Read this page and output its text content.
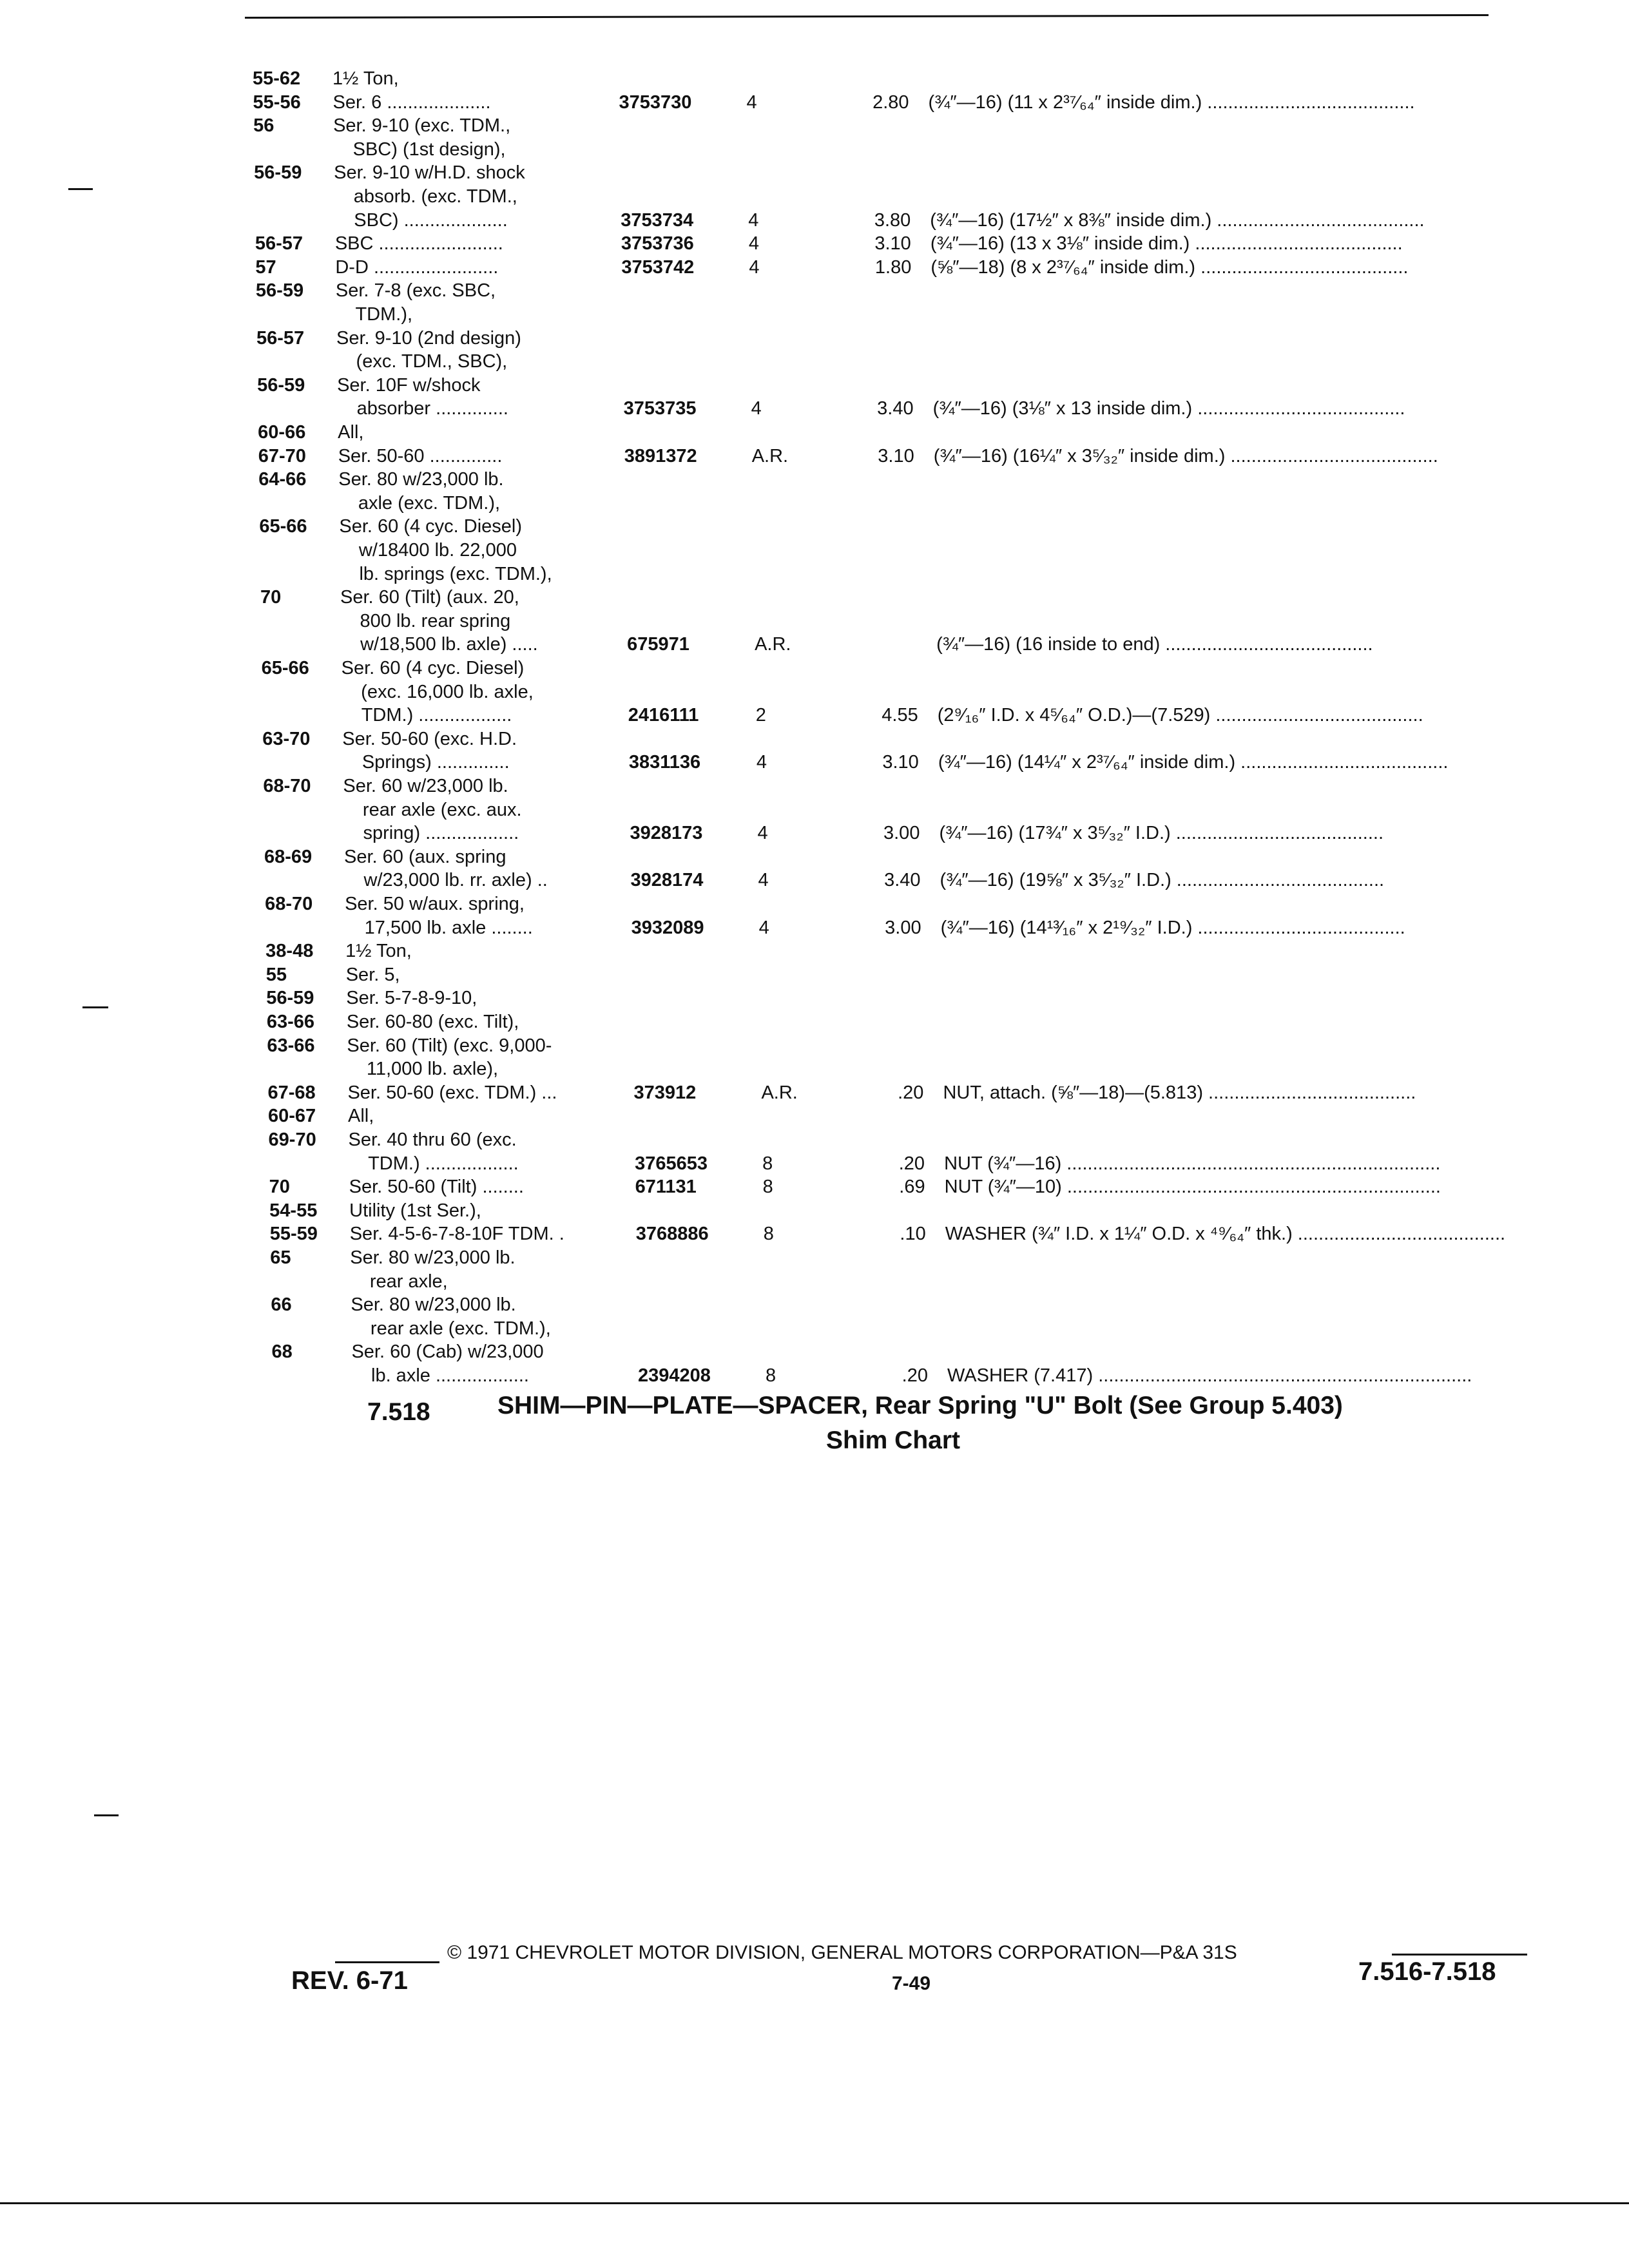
55-62	1½ Ton,
55-56	Ser. 6 ....................	3753730	4	2.80 (¾″—16) (11 x 2³⁷⁄₆₄″ inside dim.) ........................................
56	Ser. 9-10 (exc. TDM.,
SBC) (1st design),
56-59	Ser. 9-10 w/H.D. shock
absorb. (exc. TDM.,
SBC) ....................	3753734	4	3.80 (¾″—16) (17½″ x 8⅜″ inside dim.) ........................................
56-57	SBC ........................	3753736	4	3.10 (¾″—16) (13 x 3⅛″ inside dim.) ........................................
57	D-D ........................	3753742	4	1.80 (⅝″—18) (8 x 2³⁷⁄₆₄″ inside dim.) ........................................
56-59	Ser. 7-8 (exc. SBC,
TDM.),
56-57	Ser. 9-10 (2nd design)
(exc. TDM., SBC),
56-59	Ser. 10F w/shock
absorber ..............	3753735	4	3.40 (¾″—16) (3⅛″ x 13 inside dim.) ........................................
60-66	All,
67-70	Ser. 50-60 ..............	3891372	A.R.	3.10 (¾″—16) (16¼″ x 3⁵⁄₃₂″ inside dim.) ........................................
64-66	Ser. 80 w/23,000 lb.
axle (exc. TDM.),
65-66	Ser. 60 (4 cyc. Diesel)
w/18400 lb. 22,000
lb. springs (exc. TDM.),
70	Ser. 60 (Tilt) (aux. 20,
800 lb. rear spring
w/18,500 lb. axle) .....	675971	A.R.	(¾″—16) (16 inside to end) ........................................
65-66	Ser. 60 (4 cyc. Diesel)
(exc. 16,000 lb. axle,
TDM.) ..................	2416111	2	4.55 (2⁹⁄₁₆″ I.D. x 4⁵⁄₆₄″ O.D.)—(7.529) ........................................
63-70	Ser. 50-60 (exc. H.D.
Springs) ..............	3831136	4	3.10 (¾″—16) (14¼″ x 2³⁷⁄₆₄″ inside dim.) ........................................
68-70	Ser. 60 w/23,000 lb.
rear axle (exc. aux.
spring) ..................	3928173	4	3.00 (¾″—16) (17¾″ x 3⁵⁄₃₂″ I.D.) ........................................
68-69	Ser. 60 (aux. spring
w/23,000 lb. rr. axle) ..	3928174	4	3.40 (¾″—16) (19⅝″ x 3⁵⁄₃₂″ I.D.) ........................................
68-70	Ser. 50 w/aux. spring,
17,500 lb. axle ........	3932089	4	3.00 (¾″—16) (14¹³⁄₁₆″ x 2¹⁹⁄₃₂″ I.D.) ........................................
38-48	1½ Ton,
55	Ser. 5,
56-59	Ser. 5-7-8-9-10,
63-66	Ser. 60-80 (exc. Tilt),
63-66	Ser. 60 (Tilt) (exc. 9,000-
11,000 lb. axle),
67-68	Ser. 50-60 (exc. TDM.) ...	373912	A.R.	.20 NUT, attach. (⅝″—18)—(5.813) ........................................
60-67	All,
69-70	Ser. 40 thru 60 (exc.
TDM.) ..................	3765653	8	.20 NUT (¾″—16) ........................................................................
70	Ser. 50-60 (Tilt) ........	671131	8	.69 NUT (¾″—10) ........................................................................
54-55	Utility (1st Ser.),
55-59	Ser. 4-5-6-7-8-10F TDM. .	3768886	8	.10 WASHER (¾″ I.D. x 1¼″ O.D. x ⁴⁹⁄₆₄″ thk.) ........................................
65	Ser. 80 w/23,000 lb.
rear axle,
66	Ser. 80 w/23,000 lb.
rear axle (exc. TDM.),
68	Ser. 60 (Cab) w/23,000
lb. axle ..................	2394208	8	.20 WASHER (7.417) ........................................................................
7.518	SHIM—PIN—PLATE—SPACER, Rear Spring "U" Bolt (See Group 5.403)
Shim Chart
© 1971 CHEVROLET MOTOR DIVISION, GENERAL MOTORS CORPORATION—P&A 31S
REV. 6-71	7-49	7.516-7.518
